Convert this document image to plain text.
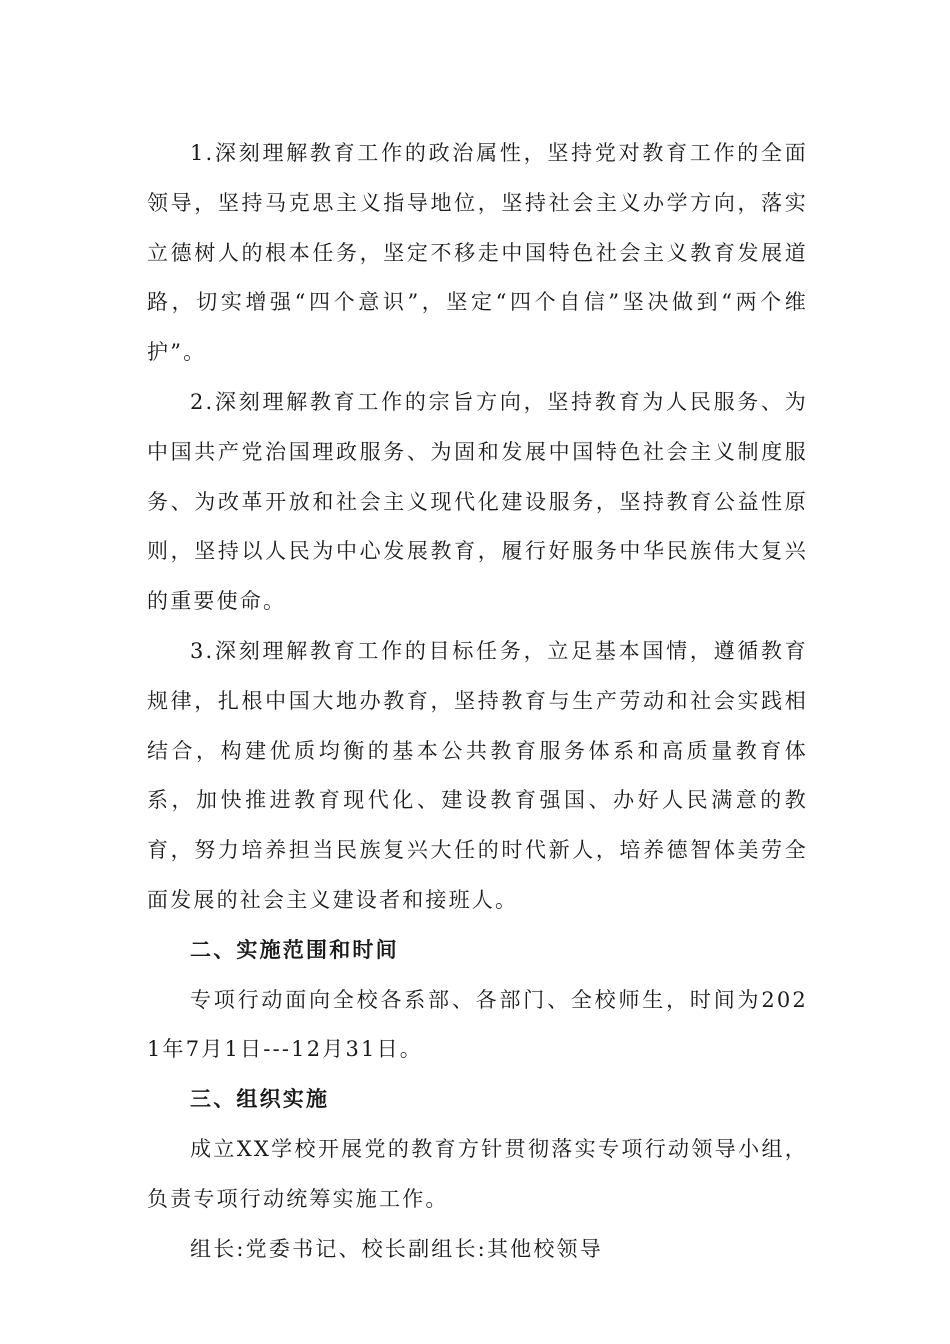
1.深刻理解教育工作的政治属性，坚持党对教育工作的全面领导，坚持马克思主义指导地位，坚持社会主义办学方向，落实立德树人的根本任务，坚定不移走中国特色社会主义教育发展道路，切实增强“四个意识”，坚定“四个自信”坚决做到“两个维护”。

2.深刻理解教育工作的宗旨方向，坚持教育为人民服务、为中国共产党治国理政服务、为固和发展中国特色社会主义制度服务、为改革开放和社会主义现代化建设服务，坚持教育公益性原则，坚持以人民为中心发展教育，履行好服务中华民族伟大复兴的重要使命。

3.深刻理解教育工作的目标任务，立足基本国情，遵循教育规律，扎根中国大地办教育，坚持教育与生产劳动和社会实践相结合，构建优质均衡的基本公共教育服务体系和高质量教育体系，加快推进教育现代化、建设教育强国、办好人民满意的教育，努力培养担当民族复兴大任的时代新人，培养德智体美劳全面发展的社会主义建设者和接班人。

二、实施范围和时间

专项行动面向全校各系部、各部门、全校师生，时间为2021年7月1日---12月31日。

三、组织实施

成立XX学校开展党的教育方针贯彻落实专项行动领导小组，负责专项行动统筹实施工作。

组长:党委书记、校长副组长:其他校领导
